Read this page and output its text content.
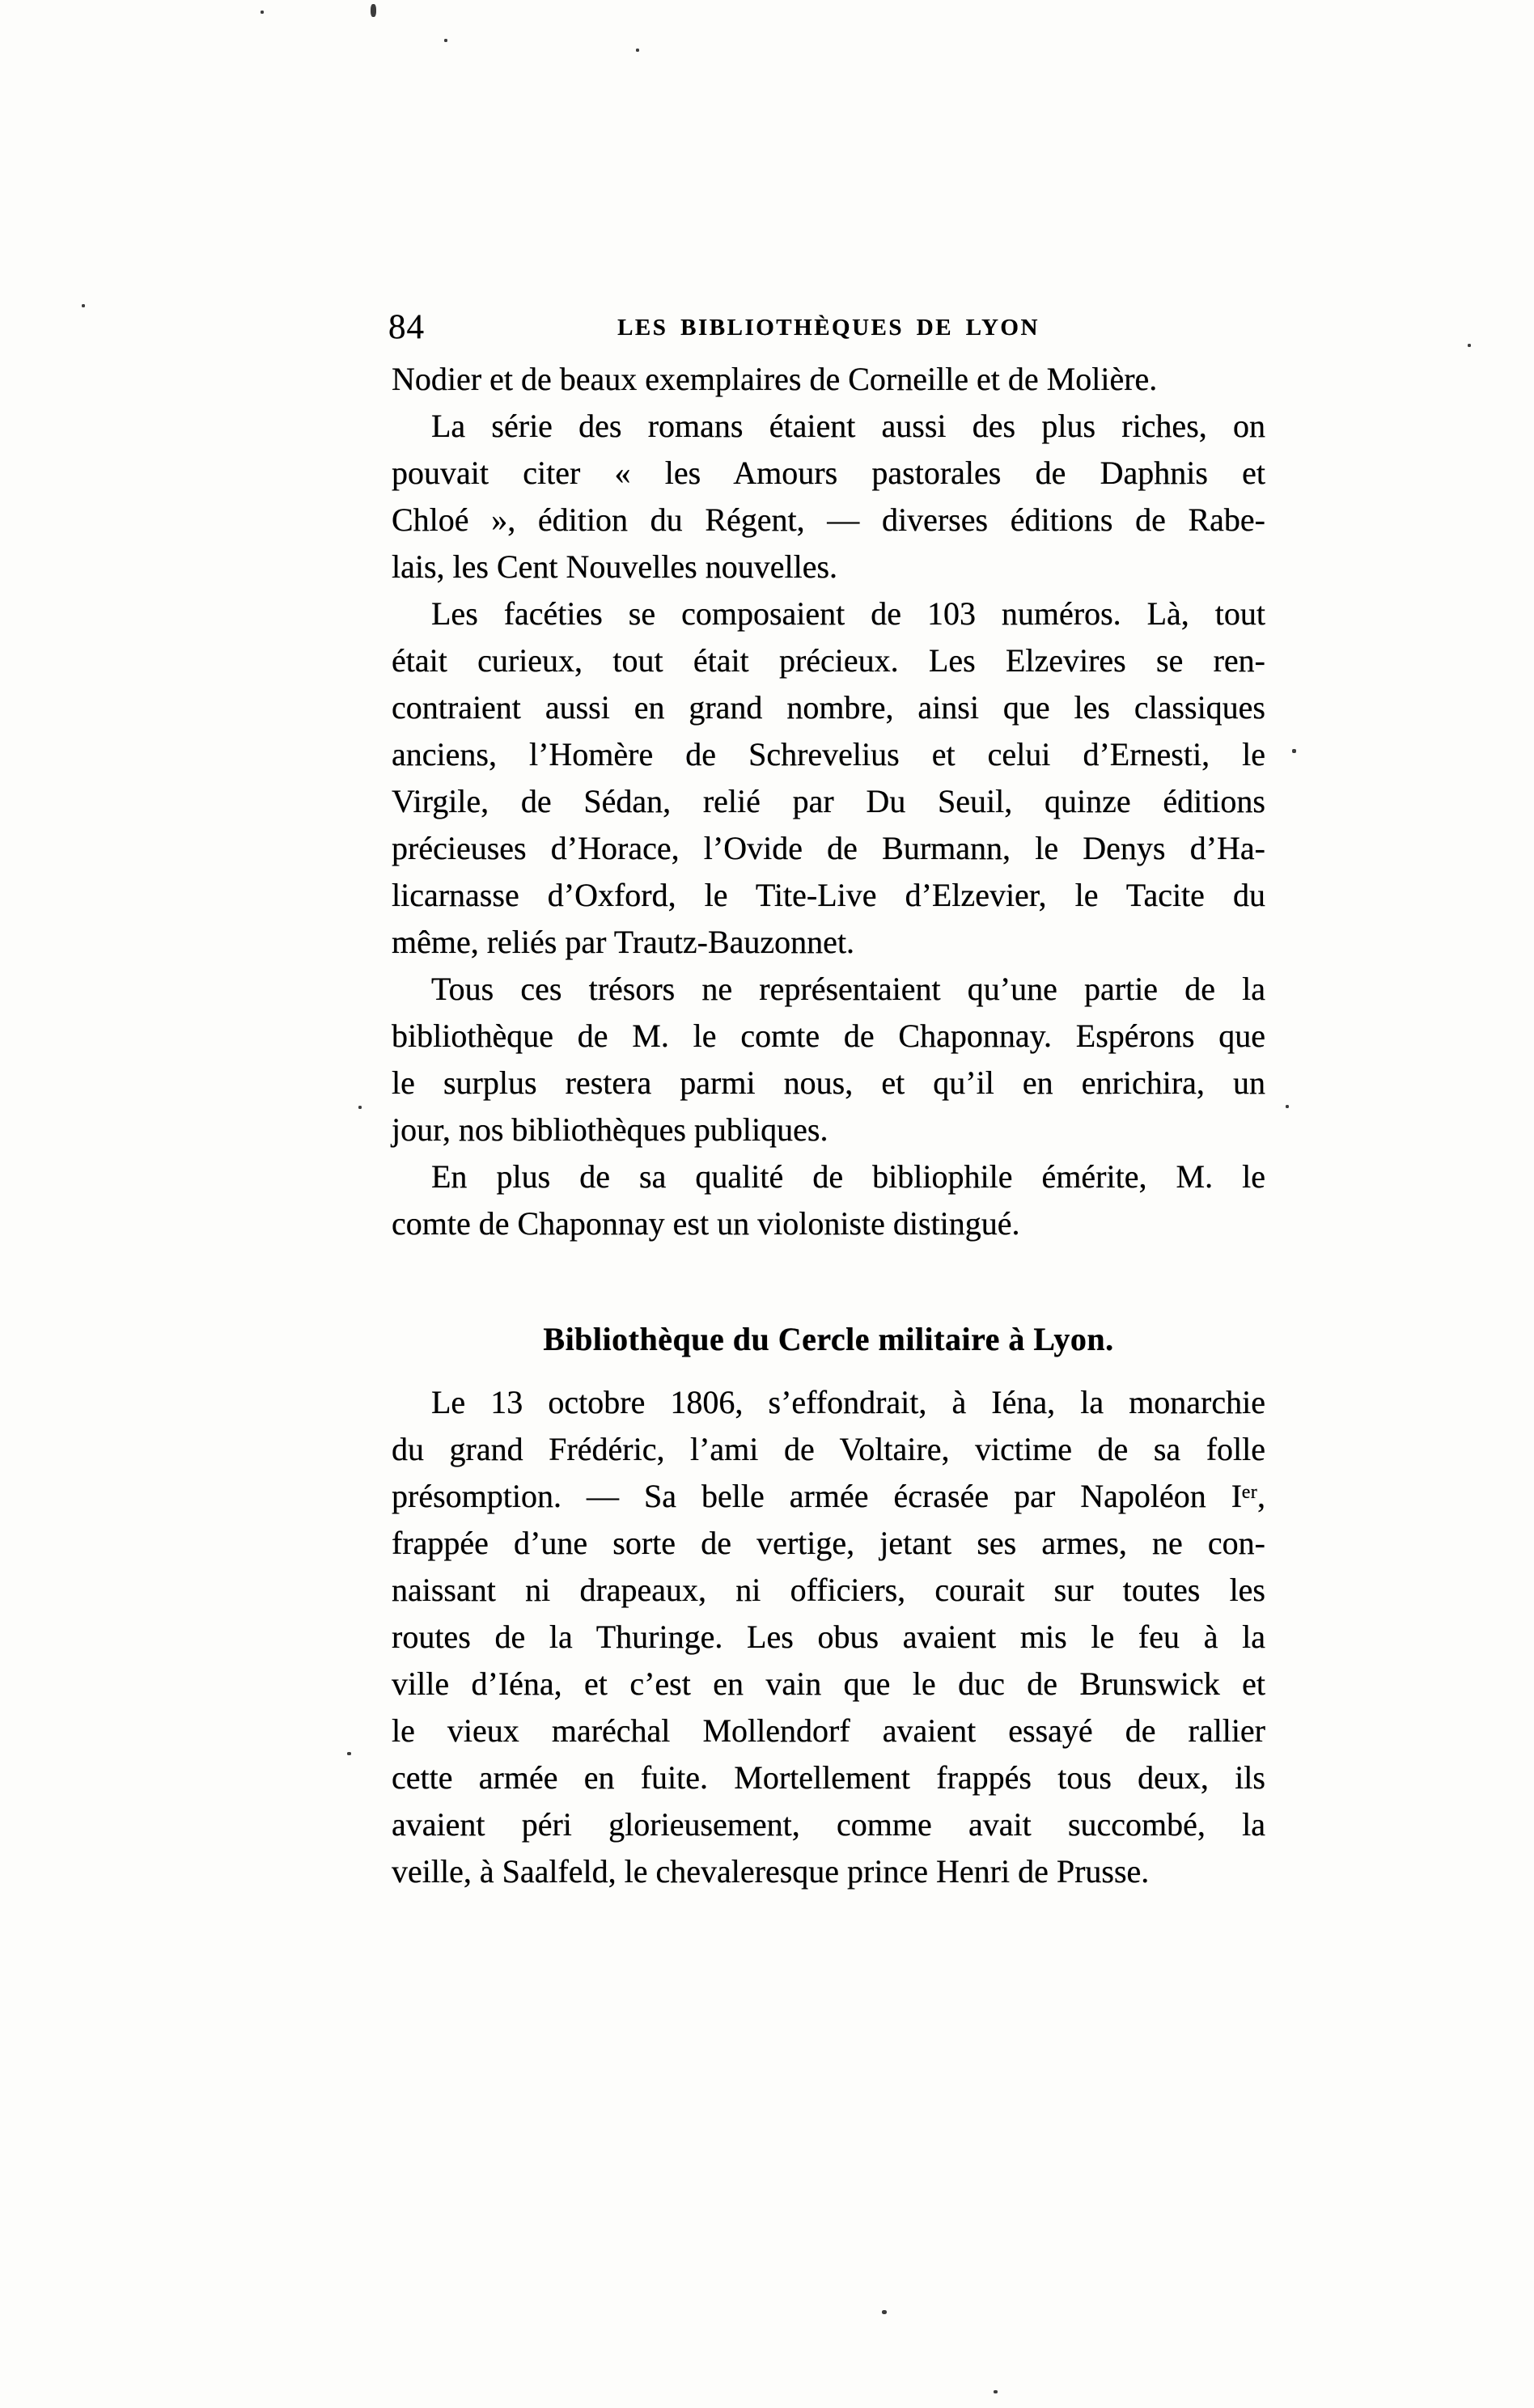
84	LES BIBLIOTHÈQUES DE LYON
Nodier et de beaux exemplaires de Corneille et de Molière.
La série des romans étaient aussi des plus riches, on
pouvait citer « les Amours pastorales de Daphnis et
Chloé », édition du Régent, — diverses éditions de Rabe-
lais, les Cent Nouvelles nouvelles.
Les facéties se composaient de 103 numéros. Là, tout
était curieux, tout était précieux. Les Elzevires se ren-
contraient aussi en grand nombre, ainsi que les classiques
anciens, l’Homère de Schrevelius et celui d’Ernesti, le
Virgile, de Sédan, relié par Du Seuil, quinze éditions
précieuses d’Horace, l’Ovide de Burmann, le Denys d’Ha-
licarnasse d’Oxford, le Tite-Live d’Elzevier, le Tacite du
même, reliés par Trautz-Bauzonnet.
Tous ces trésors ne représentaient qu’une partie de la
bibliothèque de M. le comte de Chaponnay. Espérons que
le surplus restera parmi nous, et qu’il en enrichira, un
jour, nos bibliothèques publiques.
En plus de sa qualité de bibliophile émérite, M. le
comte de Chaponnay est un violoniste distingué.
Bibliothèque du Cercle militaire à Lyon.
Le 13 octobre 1806, s’effondrait, à Iéna, la monarchie
du grand Frédéric, l’ami de Voltaire, victime de sa folle
présomption. — Sa belle armée écrasée par Napoléon Iᵉʳ,
frappée d’une sorte de vertige, jetant ses armes, ne con-
naissant ni drapeaux, ni officiers, courait sur toutes les
routes de la Thuringe. Les obus avaient mis le feu à la
ville d’Iéna, et c’est en vain que le duc de Brunswick et
le vieux maréchal Mollendorf avaient essayé de rallier
cette armée en fuite. Mortellement frappés tous deux, ils
avaient péri glorieusement, comme avait succombé, la
veille, à Saalfeld, le chevaleresque prince Henri de Prusse.
